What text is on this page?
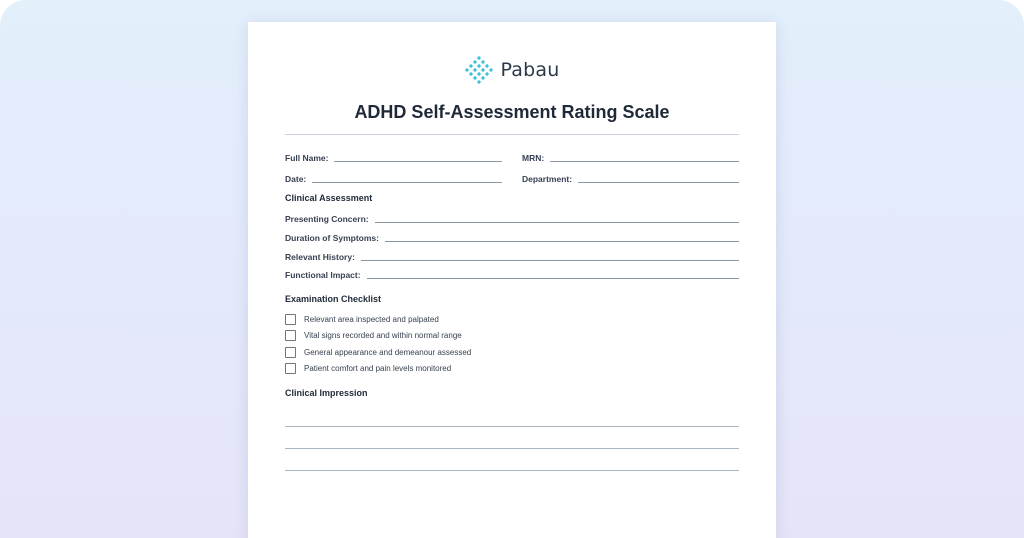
Pabau
ADHD Self-Assessment Rating Scale
Full Name:	MRN:
Date:	Department:
Clinical Assessment
Presenting Concern:
Duration of Symptoms:
Relevant History:
Functional Impact:
Examination Checklist
Relevant area inspected and palpated
Vital signs recorded and within normal range
General appearance and demeanour assessed
Patient comfort and pain levels monitored
Clinical Impression
